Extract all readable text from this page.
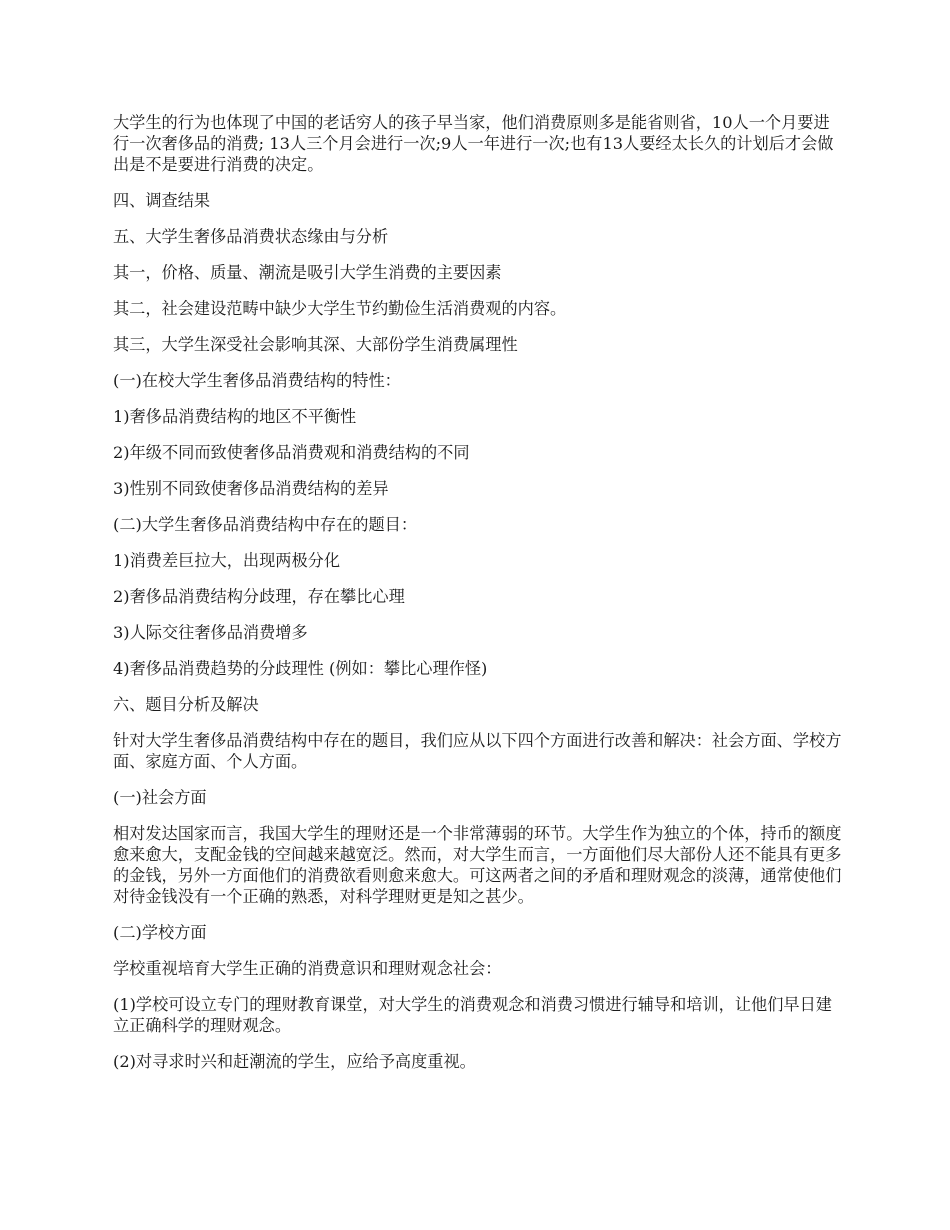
大学生的行为也体现了中国的老话穷人的孩子早当家，他们消费原则多是能省则省，10人一个月要进行一次奢侈品的消费; 13人三个月会进行一次;9人一年进行一次;也有13人要经太长久的计划后才会做出是不是要进行消费的决定。

四、调查结果

五、大学生奢侈品消费状态缘由与分析

其一，价格、质量、潮流是吸引大学生消费的主要因素

其二，社会建设范畴中缺少大学生节约勤俭生活消费观的内容。

其三，大学生深受社会影响其深、大部份学生消费属理性

(一)在校大学生奢侈品消费结构的特性：

1)奢侈品消费结构的地区不平衡性

2)年级不同而致使奢侈品消费观和消费结构的不同

3)性别不同致使奢侈品消费结构的差异

(二)大学生奢侈品消费结构中存在的题目：

1)消费差巨拉大，出现两极分化

2)奢侈品消费结构分歧理，存在攀比心理

3)人际交往奢侈品消费增多

4)奢侈品消费趋势的分歧理性 (例如：攀比心理作怪)

六、题目分析及解决

针对大学生奢侈品消费结构中存在的题目，我们应从以下四个方面进行改善和解决：社会方面、学校方面、家庭方面、个人方面。

(一)社会方面

相对发达国家而言，我国大学生的理财还是一个非常薄弱的环节。大学生作为独立的个体，持币的额度愈来愈大，支配金钱的空间越来越宽泛。然而，对大学生而言，一方面他们尽大部份人还不能具有更多的金钱，另外一方面他们的消费欲看则愈来愈大。可这两者之间的矛盾和理财观念的淡薄，通常使他们对待金钱没有一个正确的熟悉，对科学理财更是知之甚少。

(二)学校方面

学校重视培育大学生正确的消费意识和理财观念社会：

(1)学校可设立专门的理财教育课堂，对大学生的消费观念和消费习惯进行辅导和培训，让他们早日建立正确科学的理财观念。

(2)对寻求时兴和赶潮流的学生，应给予高度重视。
